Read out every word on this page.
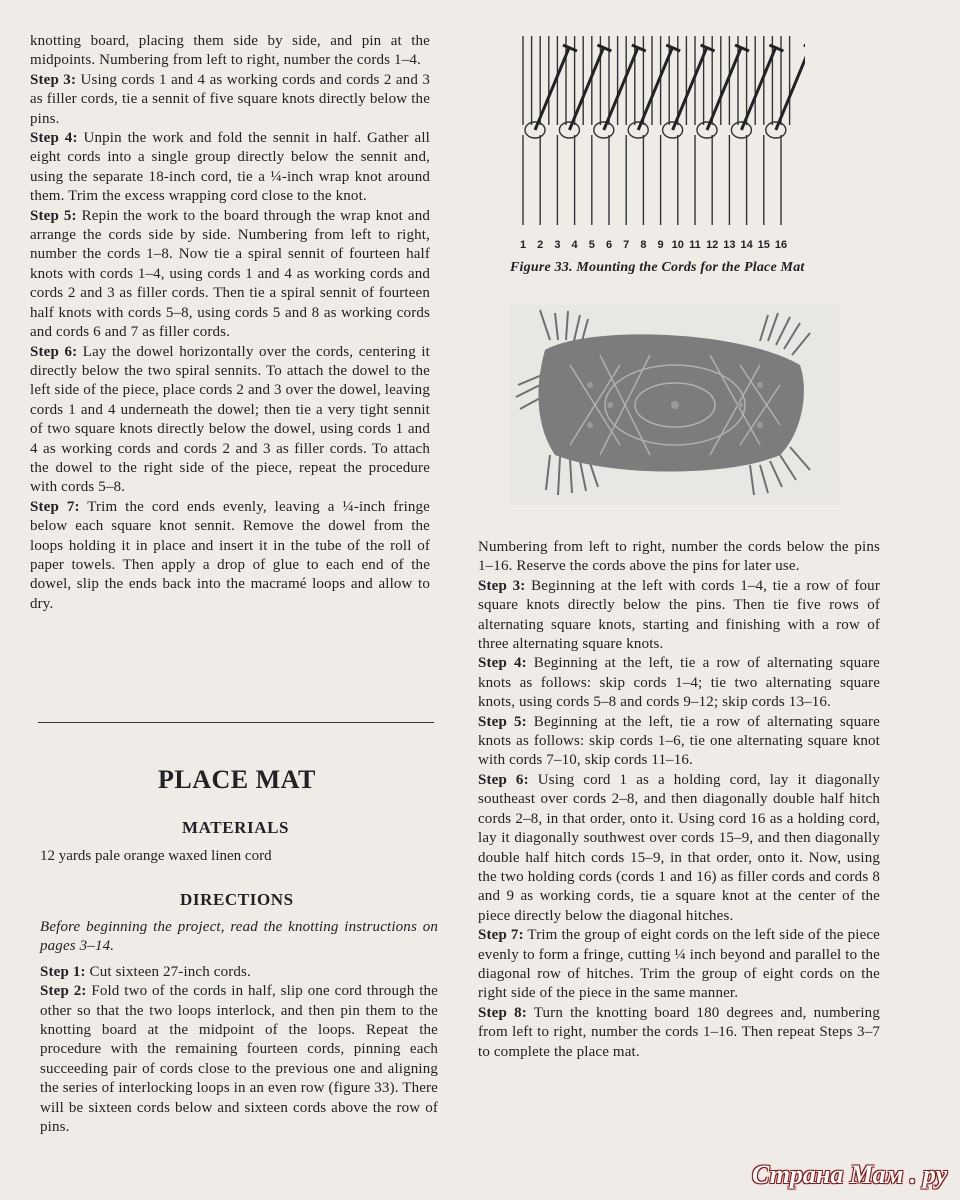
knotting board, placing them side by side, and pin at the midpoints. Numbering from left to right, number the cords 1–4.

Step 3: Using cords 1 and 4 as working cords and cords 2 and 3 as filler cords, tie a sennit of five square knots directly below the pins.

Step 4: Unpin the work and fold the sennit in half. Gather all eight cords into a single group directly below the sennit and, using the separate 18-inch cord, tie a ¼-inch wrap knot around them. Trim the excess wrapping cord close to the knot.

Step 5: Repin the work to the board through the wrap knot and arrange the cords side by side. Numbering from left to right, number the cords 1–8. Now tie a spiral sennit of fourteen half knots with cords 1–4, using cords 1 and 4 as working cords and cords 2 and 3 as filler cords. Then tie a spiral sennit of fourteen half knots with cords 5–8, using cords 5 and 8 as working cords and cords 6 and 7 as filler cords.

Step 6: Lay the dowel horizontally over the cords, centering it directly below the two spiral sennits. To attach the dowel to the left side of the piece, place cords 2 and 3 over the dowel, leaving cords 1 and 4 underneath the dowel; then tie a very tight sennit of two square knots directly below the dowel, using cords 1 and 4 as working cords and cords 2 and 3 as filler cords. To attach the dowel to the right side of the piece, repeat the procedure with cords 5–8.

Step 7: Trim the cord ends evenly, leaving a ¼-inch fringe below each square knot sennit. Remove the dowel from the loops holding it in place and insert it in the tube of the roll of paper towels. Then apply a drop of glue to each end of the dowel, slip the ends back into the macramé loops and allow to dry.

PLACE MAT
MATERIALS
12 yards pale orange waxed linen cord
DIRECTIONS

Before beginning the project, read the knotting instructions on pages 3–14.

Step 1: Cut sixteen 27-inch cords.

Step 2: Fold two of the cords in half, slip one cord through the other so that the two loops interlock, and then pin them to the knotting board at the midpoint of the loops. Repeat the procedure with the remaining fourteen cords, pinning each succeeding pair of cords close to the previous one and aligning the series of interlocking loops in an even row (figure 33). There will be sixteen cords below and sixteen cords above the row of pins.

1 2 3 4 5 6 7 8 9 10 11 12 13 14 15 16
Figure 33. Mounting the Cords for the Place Mat

Numbering from left to right, number the cords below the pins 1–16. Reserve the cords above the pins for later use.

Step 3: Beginning at the left with cords 1–4, tie a row of four square knots directly below the pins. Then tie five rows of alternating square knots, starting and finishing with a row of three alternating square knots.

Step 4: Beginning at the left, tie a row of alternating square knots as follows: skip cords 1–4; tie two alternating square knots, using cords 5–8 and cords 9–12; skip cords 13–16.

Step 5: Beginning at the left, tie a row of alternating square knots as follows: skip cords 1–6, tie one alternating square knot with cords 7–10, skip cords 11–16.

Step 6: Using cord 1 as a holding cord, lay it diagonally southeast over cords 2–8, and then diagonally double half hitch cords 2–8, in that order, onto it. Using cord 16 as a holding cord, lay it diagonally southwest over cords 15–9, and then diagonally double half hitch cords 15–9, in that order, onto it. Now, using the two holding cords (cords 1 and 16) as filler cords and cords 8 and 9 as working cords, tie a square knot at the center of the piece directly below the diagonal hitches.

Step 7: Trim the group of eight cords on the left side of the piece evenly to form a fringe, cutting ¼ inch beyond and parallel to the diagonal row of hitches. Trim the group of eight cords on the right side of the piece in the same manner.

Step 8: Turn the knotting board 180 degrees and, numbering from left to right, number the cords 1–16. Then repeat Steps 3–7 to complete the place mat.

Страна Мам . ру
